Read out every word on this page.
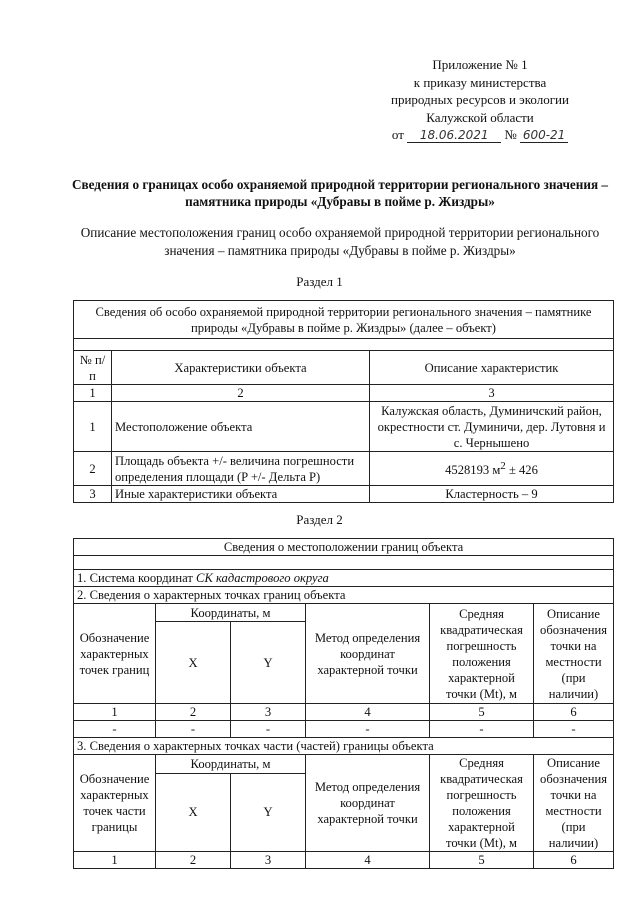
Приложение № 1
к приказу министерства
природных ресурсов и экологии
Калужской области
от 18.06.2021 № 600-21
Сведения о границах особо охраняемой природной территории регионального значения – памятника природы «Дубравы в пойме р. Жиздры»
Описание местоположения границ особо охраняемой природной территории регионального значения – памятника природы «Дубравы в пойме р. Жиздры»
Раздел 1
Сведения об особо охраняемой природной территории регионального значения – памятнике природы «Дубравы в пойме р. Жиздры» (далее – объект)		

№ п/п	Характеристики объекта	Описание характеристик
1	2	3
1	Местоположение объекта	Калужская область, Думиничский район, окрестности ст. Думиничи, дер. Лутовня и с. Чернышено
2	Площадь объекта +/- величина погрешности определения площади (P +/- Дельта P)	4528193 $м^2 \pm 426$
3	Иные характеристики объекта	Кластерность – 9
Раздел 2
Сведения о местоположении границ объекта					

1. Система координат СК кадастрового округа					
2. Сведения о характерных точках границ объекта					
Обозначение характерных точек границ	Координаты, м		Метод определения координат характерной точки	Средняя квадратическая погрешность положения характерной точки (Mt), м	Описание обозначения точки на местности (при наличии)
	X	Y			
1	2	3	4	5	6
-	-	-	-	-	-
3. Сведения о характерных точках части (частей) границы объекта					
Обозначение характерных точек части границы	Координаты, м		Метод определения координат характерной точки	Средняя квадратическая погрешность положения характерной точки (Mt), м	Описание обозначения точки на местности (при наличии)
	X	Y			
1	2	3	4	5	6
